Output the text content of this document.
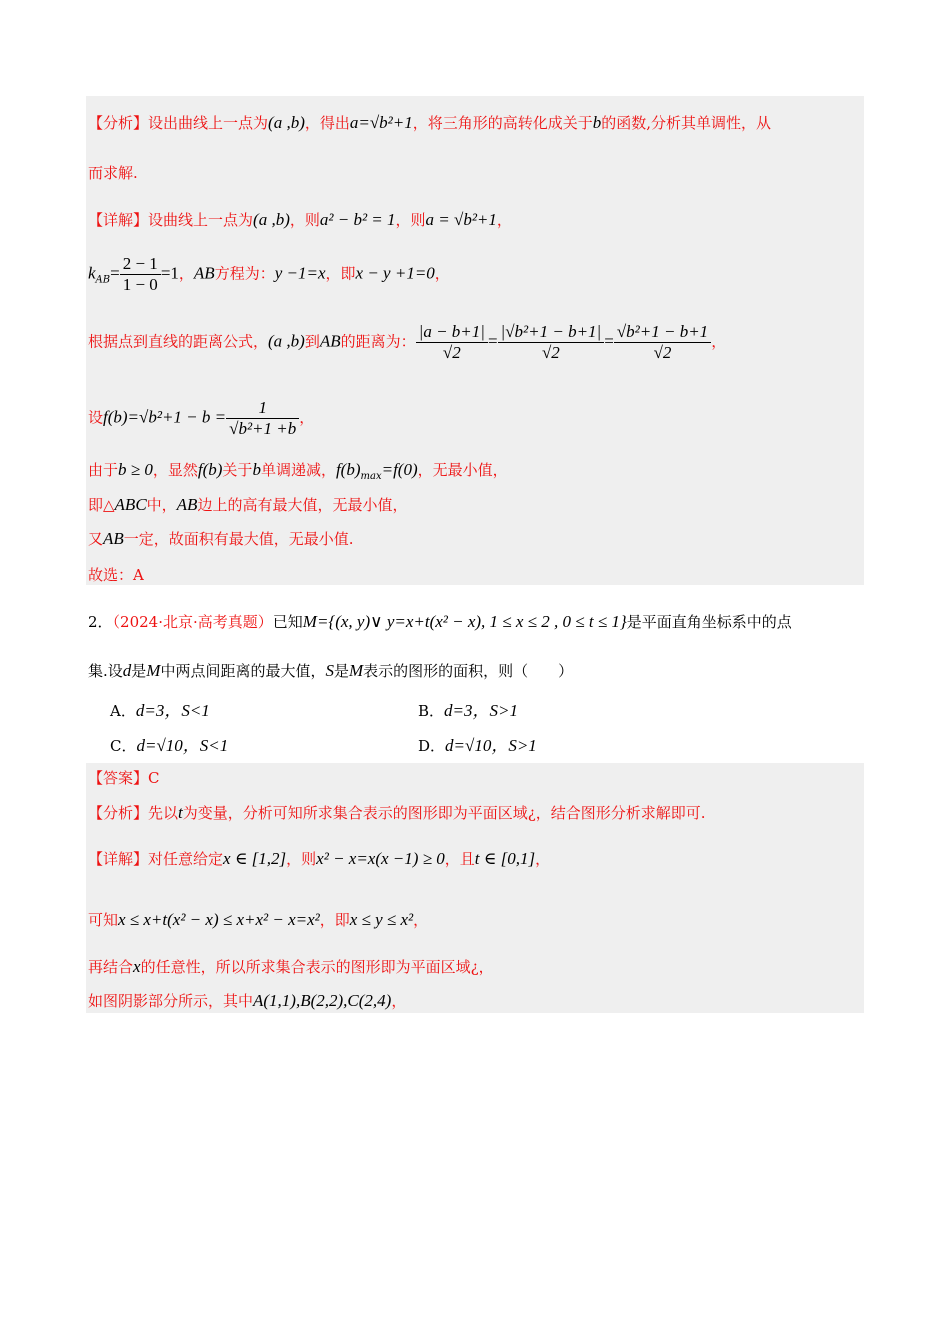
【分析】设出曲线上一点为(a ,b)，得出a=√b²+1，将三角形的高转化成关于b的函数,分析其单调性，从
而求解.
【详解】设曲线上一点为(a ,b)，则a² − b² = 1，则a = √b²+1，
$k_{AB}= \frac{2 - 1}{1 - 0} =1$，AB方程为：y −1=x，即x − y +1=0，
根据点到直线的距离公式，(a ,b)到AB的距离为： $\frac{|a - b+1|}{√2} = \frac{\text{|√b²+1 − b+1|}}{√2} = \frac{\text{√b²+1 − b+1}}{√2}$ ，
设$f(b)=√b^2+1 - b = \frac{1}{\text{√b²+1 +b}}$ ，
由于b ≥ 0，显然f(b)关于b单调递减，$f(b)_{max}=f(0)$，无最小值，
即△ABC中，AB边上的高有最大值，无最小值，
又AB一定，故面积有最大值，无最小值.
故选：A
2．（2024·北京·高考真题）已知M={(x, y)∨ y=x+t(x² − x), 1 ≤ x ≤ 2 , 0 ≤ t ≤ 1}是平面直角坐标系中的点
集.设d是M中两点间距离的最大值，S是M表示的图形的面积，则（　　）
A．d=3，S<1	B．d=3，S>1
C．d=√10，S<1	D．d=√10，S>1
【答案】C
【分析】先以t为变量，分析可知所求集合表示的图形即为平面区域¿，结合图形分析求解即可.
【详解】对任意给定x ∈ [1,2]，则x² − x=x(x −1) ≥ 0，且t ∈ [0,1]，
可知x ≤ x+t(x² − x) ≤ x+x² − x=x²，即x ≤ y ≤ x²，
再结合x的任意性，所以所求集合表示的图形即为平面区域¿，
如图阴影部分所示，其中A(1,1),B(2,2),C(2,4)，
